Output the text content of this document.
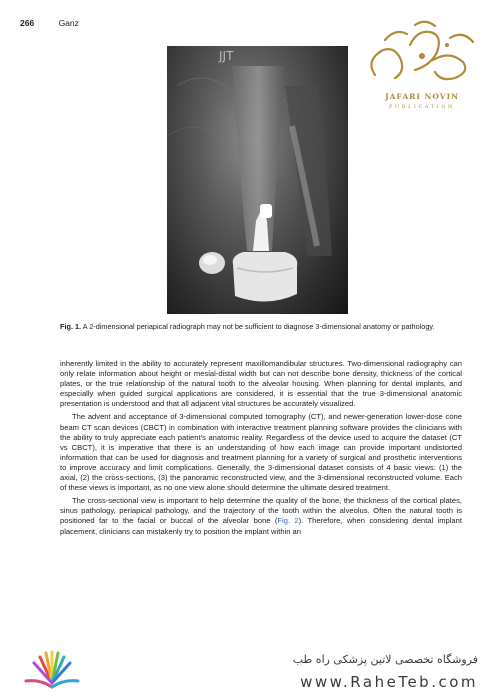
266	Ganz
JJT
JAFARI NOVIN
PUBLICATION
Fig. 1. A 2-dimensional periapical radiograph may not be sufficient to diagnose 3-dimensional anatomy or pathology.

inherently limited in the ability to accurately represent maxillomandibular structures. Two-dimensional radiography can only relate information about height or mesial-distal width but can not describe bone density, thickness of the cortical plates, or the true relationship of the natural tooth to the alveolar housing. When planning for dental implants, and especially when guided surgical applications are considered, it is essential that the true 3-dimensional anatomic presentation is understood and that all adjacent vital structures be accurately visualized.

The advent and acceptance of 3-dimensional computed tomography (CT), and newer-generation lower-dose cone beam CT scan devices (CBCT) in combination with interactive treatment planning software provides the clinicians with the ability to truly appreciate each patient’s anatomic reality. Regardless of the device used to acquire the dataset (CT vs CBCT), it is imperative that there is an understanding of how each image can provide important undistorted information that can be used for diagnosis and treatment planning for a variety of surgical and prosthetic interventions to improve accuracy and limit complications. Generally, the 3-dimensional dataset consists of 4 basic views: (1) the axial, (2) the cross-sections, (3) the panoramic reconstructed view, and the 3-dimensional reconstructed volume. Each of these views is important, as no one view alone should determine the ultimate desired treatment.

The cross-sectional view is important to help determine the quality of the bone, the thickness of the cortical plates, sinus pathology, periapical pathology, and the trajectory of the tooth within the alveolus. Often the natural tooth is positioned far to the facial or buccal of the alveolar bone (Fig. 2). Therefore, when considering dental implant placement, clinicians can mistakenly try to position the implant within an

فروشگاه تخصصی لاتین پزشکی راه طب
www.RaheTeb.com
